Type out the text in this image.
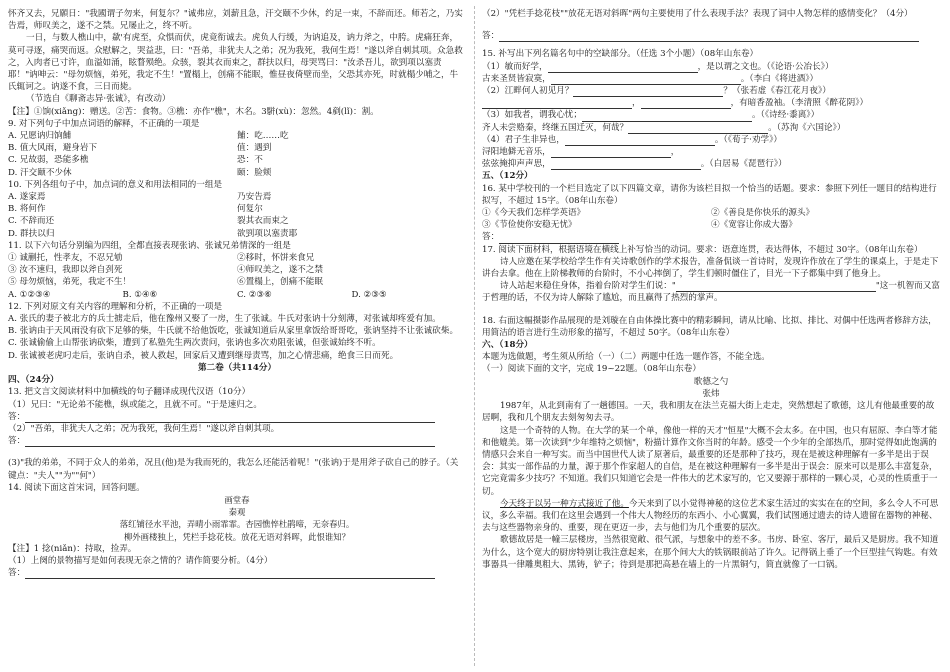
怀齐又去，兄願日："我國谓子勿来，何复尔？"诚弗应，刘薪且急，汗交颐不少休，约足一束，不辞而还。师若之，乃实告焉，师叹美之，遂不之禁。兄屡止之，终不听。

一日，与数人樵山中，歘'有虎至，众惧而伏，虎竟衔诚去。虎负人行缓，为讷追及，讷力斧之，中胯。虎痛狂奔，莫可寻逐，痛哭而返。众慰解之，哭益悲，曰："吾弟，非犹夫人之弟；况为我死，我何生焉！"遂以斧自刺其项。众急救之，入肉者已寸许，血溢如涌，眩瞀殒绝。众骇，裂其衣而束之，群扶以归，母哭骂曰："汝杀吾儿，欲剄项以塞责耶！"讷呻云："母勿烦恼，弟死，我定不生！"置榻上，创痛不能眠，惟昼夜倚壁而坐，父恐其亦死，时就榻少哺之，牛氏辄诃之。讷遂不食，三日而毙。

（节选自《聊斋志异·张诚》，有改动）

【注】①饷(xiǎng)：赠送。②苦：食物。③樵：亦作"樵"，木名。3駢(xù)：忽然。4剷(lǐ)：割。

9. 对下列句子中加点词语的解释，不正确的一项是

A. 兄愿讷归饷餔	餔：吃……吃
B. 值大风雨，避身岩下	值：遇到
C. 兄故弱，恐能多樵	恐：不
D. 汗交颐不少休	颐：脸颊

10. 下列各组句子中，加点词的意义和用法相同的一组是

A. 遂家焉	乃安告焉
B. 将何作	何复尔
C. 不辞而还	裂其衣而束之
D. 群扶以归	欲剄项以塞责耶

11. 以下六句话分别编为四组，全都直接表现张讷、张诚兄弟情深的一组是

① 诚蒯托，性孝友，不忍兄劬	②移时，怀饼来食兄
③ 汝不速归，我即以斧自刭死	④师叹美之，遂不之禁
⑤ 母勿烦恼，弟死，我定不生！	⑥置榻上，创痛不能眠
A. ①②③④	B. ①④⑥	C. ②③⑥	D. ②③⑤

12. 下列对原文有关内容的理解和分析，不正确的一项是

A. 张氏的妻子被北方的兵士掳走后，他在豫州又娶了一房，生了张诚。牛氏对张讷十分刻薄，对张诚却疼爱有加。

B. 张讷由于天风雨没有砍下足够的柴，牛氏就不给他饭吃，张诚知道后从家里拿饭给哥哥吃，张讷坚持不让张诚砍柴。

C. 张诚偷偷上山帮张讷砍柴，遭到了私塾先生两次责问，张讷也多次劝阻张诚，但张诚始终不听。

D. 张诚被老虎叼走后，张讷自杀，被人救起，回家后又遭到继母责骂，加之心情悲痛，绝食三日而死。

第二卷（共114分）

四、（24分）

13. 把文言文阅读材料中加横线的句子翻译成现代汉语（10分）

（1）兄曰："无论弟不能樵，纵或能之，且就不可。"于是速归之。

答：

（2）"吾弟，非犹夫人之弟；况为我死，我何生焉！"遂以斧自刺其项。

答：

(3)"我的弟弟，不同于众人的弟弟，况且(他)是为我而死的，我怎么还能活着呢！"(张讷)于是用斧子砍自己的脖子。（关键点："夫人""为""何"）

14. 阅读下面这首宋词，回答问题。

画堂春

秦观

落红铺径水平池，弄晴小雨霏霏。杏园憔悴杜鹃啼，无奈春归。

柳外画楼独上，凭栏手捻花枝。放花无语对斜晖，此恨谁知？

【注】1 捻(niǎn)：持取，捡弄。

（1）上阕的景物描写是如何表现无奈之情的？请作简要分析。（4分）

答：

（2）"凭栏手捻花枝""放花无语对斜晖"两句主要使用了什么表现手法？表现了词中人物怎样的感情变化？（4分）

答：

15. 补写出下列名篇名句中的空缺部分。（任选 3个小题）（08年山东卷）

（1）敏而好学，	，是以谓之文也。（《论语·公冶长》）

古来圣贤皆寂寞，	。（李白《将进酒》）

（2）江畔何人初见月？	？（张若虚《春江花月夜》）

，	，有暗香盈袖。（李清照《醉花阴》）

（3）如我者，谓我心忧；	。（《诗经·黍离》）

齐人未尝赂秦，终继五国迁灭，何哉？	。（苏洵《六国论》）

（4）君子生非异也，	。（《荀子·劝学》）

浔阳地僻无音乐，	，

弦弦掩抑声声思，	。（白居易《琵琶行》）

五、（12分）

16. 某中学校刊的一个栏目选定了以下四篇文章，请你为该栏目拟一个恰当的话题。要求：参照下列任一题目的结构进行拟写，不超过 15字。（08年山东卷）

①《今天我们怎样学英语》	②《善良是你快乐的源头》
③《节俭使你安稳无忧》	④《宽容让你成大器》

答：

17. 阅读下面材料，根据语境在横线上补写恰当的动词。要求：语意连贯，表达得体，不超过 30字。（08年山东卷）

诗人应邀在某学校给学生作有关诗歌创作的学术报告，准备侃谈一首诗时，发现许作放在了学生的课桌上，于是走下讲台去拿。他在上阶梯教师的台阶时，不小心摔倒了，学生们顿时僵住了，目光一下子都集中到了他身上。

诗人站起来稳住身体，指着台阶对学生们说："	"这一机智而又富于哲理的话，不仅为诗人解除了尴尬，而且赢得了热烈的掌声。

18. 右面这幅摄影作品展现的是刘璇在自由体操比赛中的精彩瞬间，请从比喻、比拟、排比、对偶中任选两者修辞方法，用简洁的语言进行生动形象的描写，不超过 50字。（08年山东卷）

六、（18分）

本题为选做题，考生须从所给（一）（二）两题中任选一题作答，不能全选。

（一）阅读下面的文字，完成 19~22题。（08年山东卷）

歌德之勺

张炜

1987年，从北到南有了一趟德国。一天，我和朋友在法兰克福大街上走走，突然想起了歌德，这儿有他最重要的故居啊，我和几个朋友去刻匆匆去寻。

这是一个奇特的人物。在大学的某一个单，像他一样的天才"恒星"大概不会太多。在中国，也只有屈原、李白等才能和他媲美。第一次读到"少年维特之烦恼"，粉描计算作文你当时的年龄。感受一个少年的全部热爪，那时觉得如此饱满的情感只会来自一种写实。而当中国世代人读了原著后，最重要的还是那种了技巧，现在是被这种理解有一多半是出于误会：其实一部作品的力量，源于那个作家超人的自信，是在被这种理解有一多半是出于误会：原来可以是那么丰富复杂，它完竟需多少技巧？不知道。我们只知道它会是一件伟大的艺术家写的，它又要源于那样的一颗心灵，心灵的性质重于一切。

今天终于以另一种方式接近了他。今天来到了以小觉得神秘的这位艺术家生活过的实实在在的空间，多么令人不可思议，多么幸福。我们在这里会遇到一个伟大人物经历的东西小、小心翼翼，我们试图通过遗去的诗人遗留在器物的神秘、去与这些器物亲身的、重要，现在更迈一步，去与他们为几个重要的层次。

歌德故居是一幢三层楼房，当然很宽敞、很气派，与想象中的差不多。书房、卧室、客厅，最后又是厨房。我不知道为什么，这个宽大的厨房特别让我注意起来，在那个间大大的铁锅眼前站了许久。记得锅上垂了一个巨型挂气钩匙。有效事器具一律雕奥粗大、黑铸，铲子；待到是那把高悬在墙上的一片黑铜勺，简直就像了一口锅。
